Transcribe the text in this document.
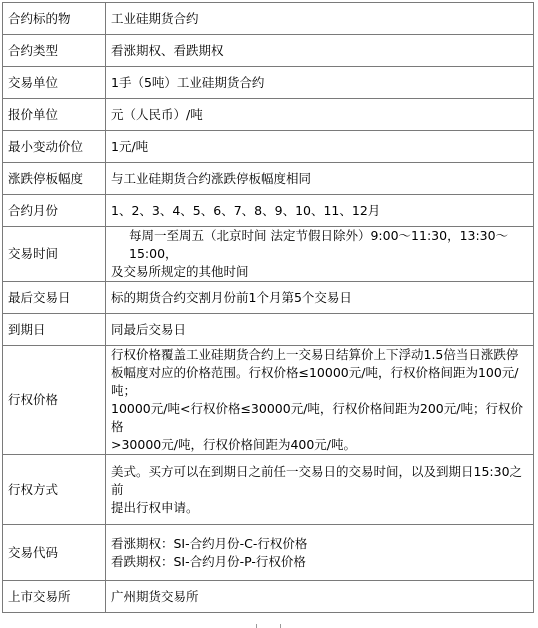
合约标的物	工业硅期货合约
合约类型	看涨期权、看跌期权
交易单位	1手（5吨）工业硅期货合约
报价单位	元（人民币）/吨
最小变动价位	1元/吨
涨跌停板幅度	与工业硅期货合约涨跌停板幅度相同
合约月份	1、2、3、4、5、6、7、8、9、10、11、12月
交易时间	每周一至周五（北京时间 法定节假日除外）9:00～11:30，13:30～15:00，
及交易所规定的其他时间

最后交易日	标的期货合约交割月份前1个月第5个交易日
到期日	同最后交易日
行权价格	行权价格覆盖工业硅期货合约上一交易日结算价上下浮动1.5倍当日涨跌停
板幅度对应的价格范围。行权价格≤10000元/吨，行权价格间距为100元/吨；
10000元/吨<行权价格≤30000元/吨，行权价格间距为200元/吨；行权价格
>30000元/吨，行权价格间距为400元/吨。

行权方式	美式。买方可以在到期日之前任一交易日的交易时间，以及到期日15:30之前
提出行权申请。

交易代码	看涨期权：SI-合约月份-C-行权价格
看跌期权：SI-合约月份-P-行权价格

上市交易所	广州期货交易所
